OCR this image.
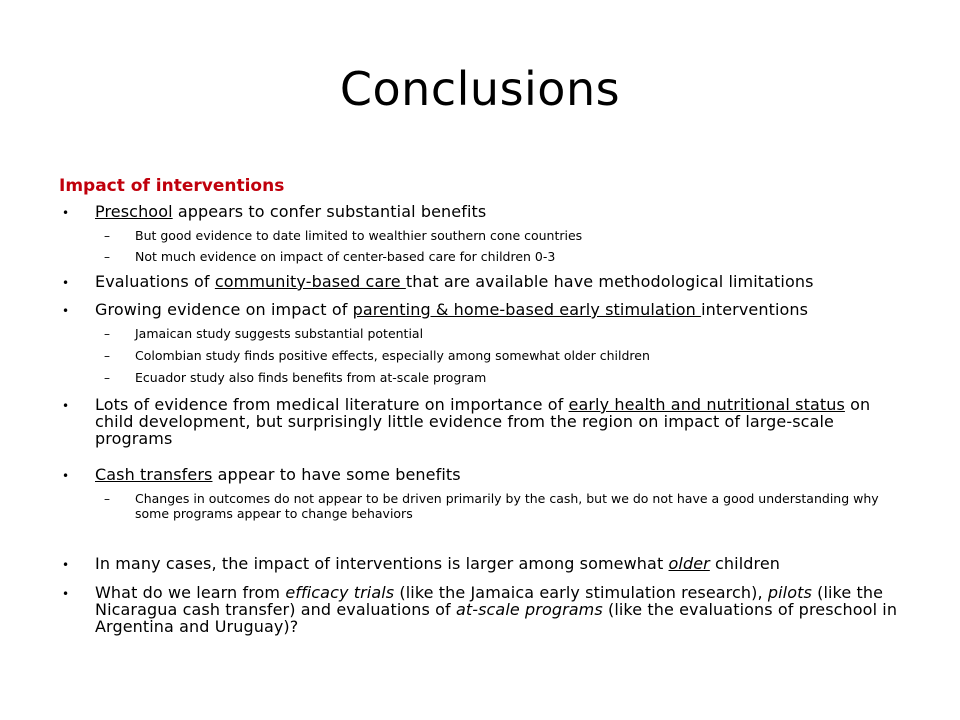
Conclusions
Impact of interventions
• Preschool appears to confer substantial benefits
– But good evidence to date limited to wealthier southern cone countries
– Not much evidence on impact of center-based care for children 0-3
• Evaluations of community-based care that are available have methodological limitations
• Growing evidence on impact of parenting & home-based early stimulation interventions
– Jamaican study suggests substantial potential
– Colombian study finds positive effects, especially among somewhat older children
– Ecuador study also finds benefits from at-scale program
• Lots of evidence from medical literature on importance of early health and nutritional status on child development, but surprisingly little evidence from the region on impact of large-scale programs
• Cash transfers appear to have some benefits
– Changes in outcomes do not appear to be driven primarily by the cash, but we do not have a good understanding why some programs appear to change behaviors
• In many cases, the impact of interventions is larger among somewhat older children
• What do we learn from efficacy trials (like the Jamaica early stimulation research), pilots (like the Nicaragua cash transfer) and evaluations of at-scale programs (like the evaluations of preschool in Argentina and Uruguay)?
